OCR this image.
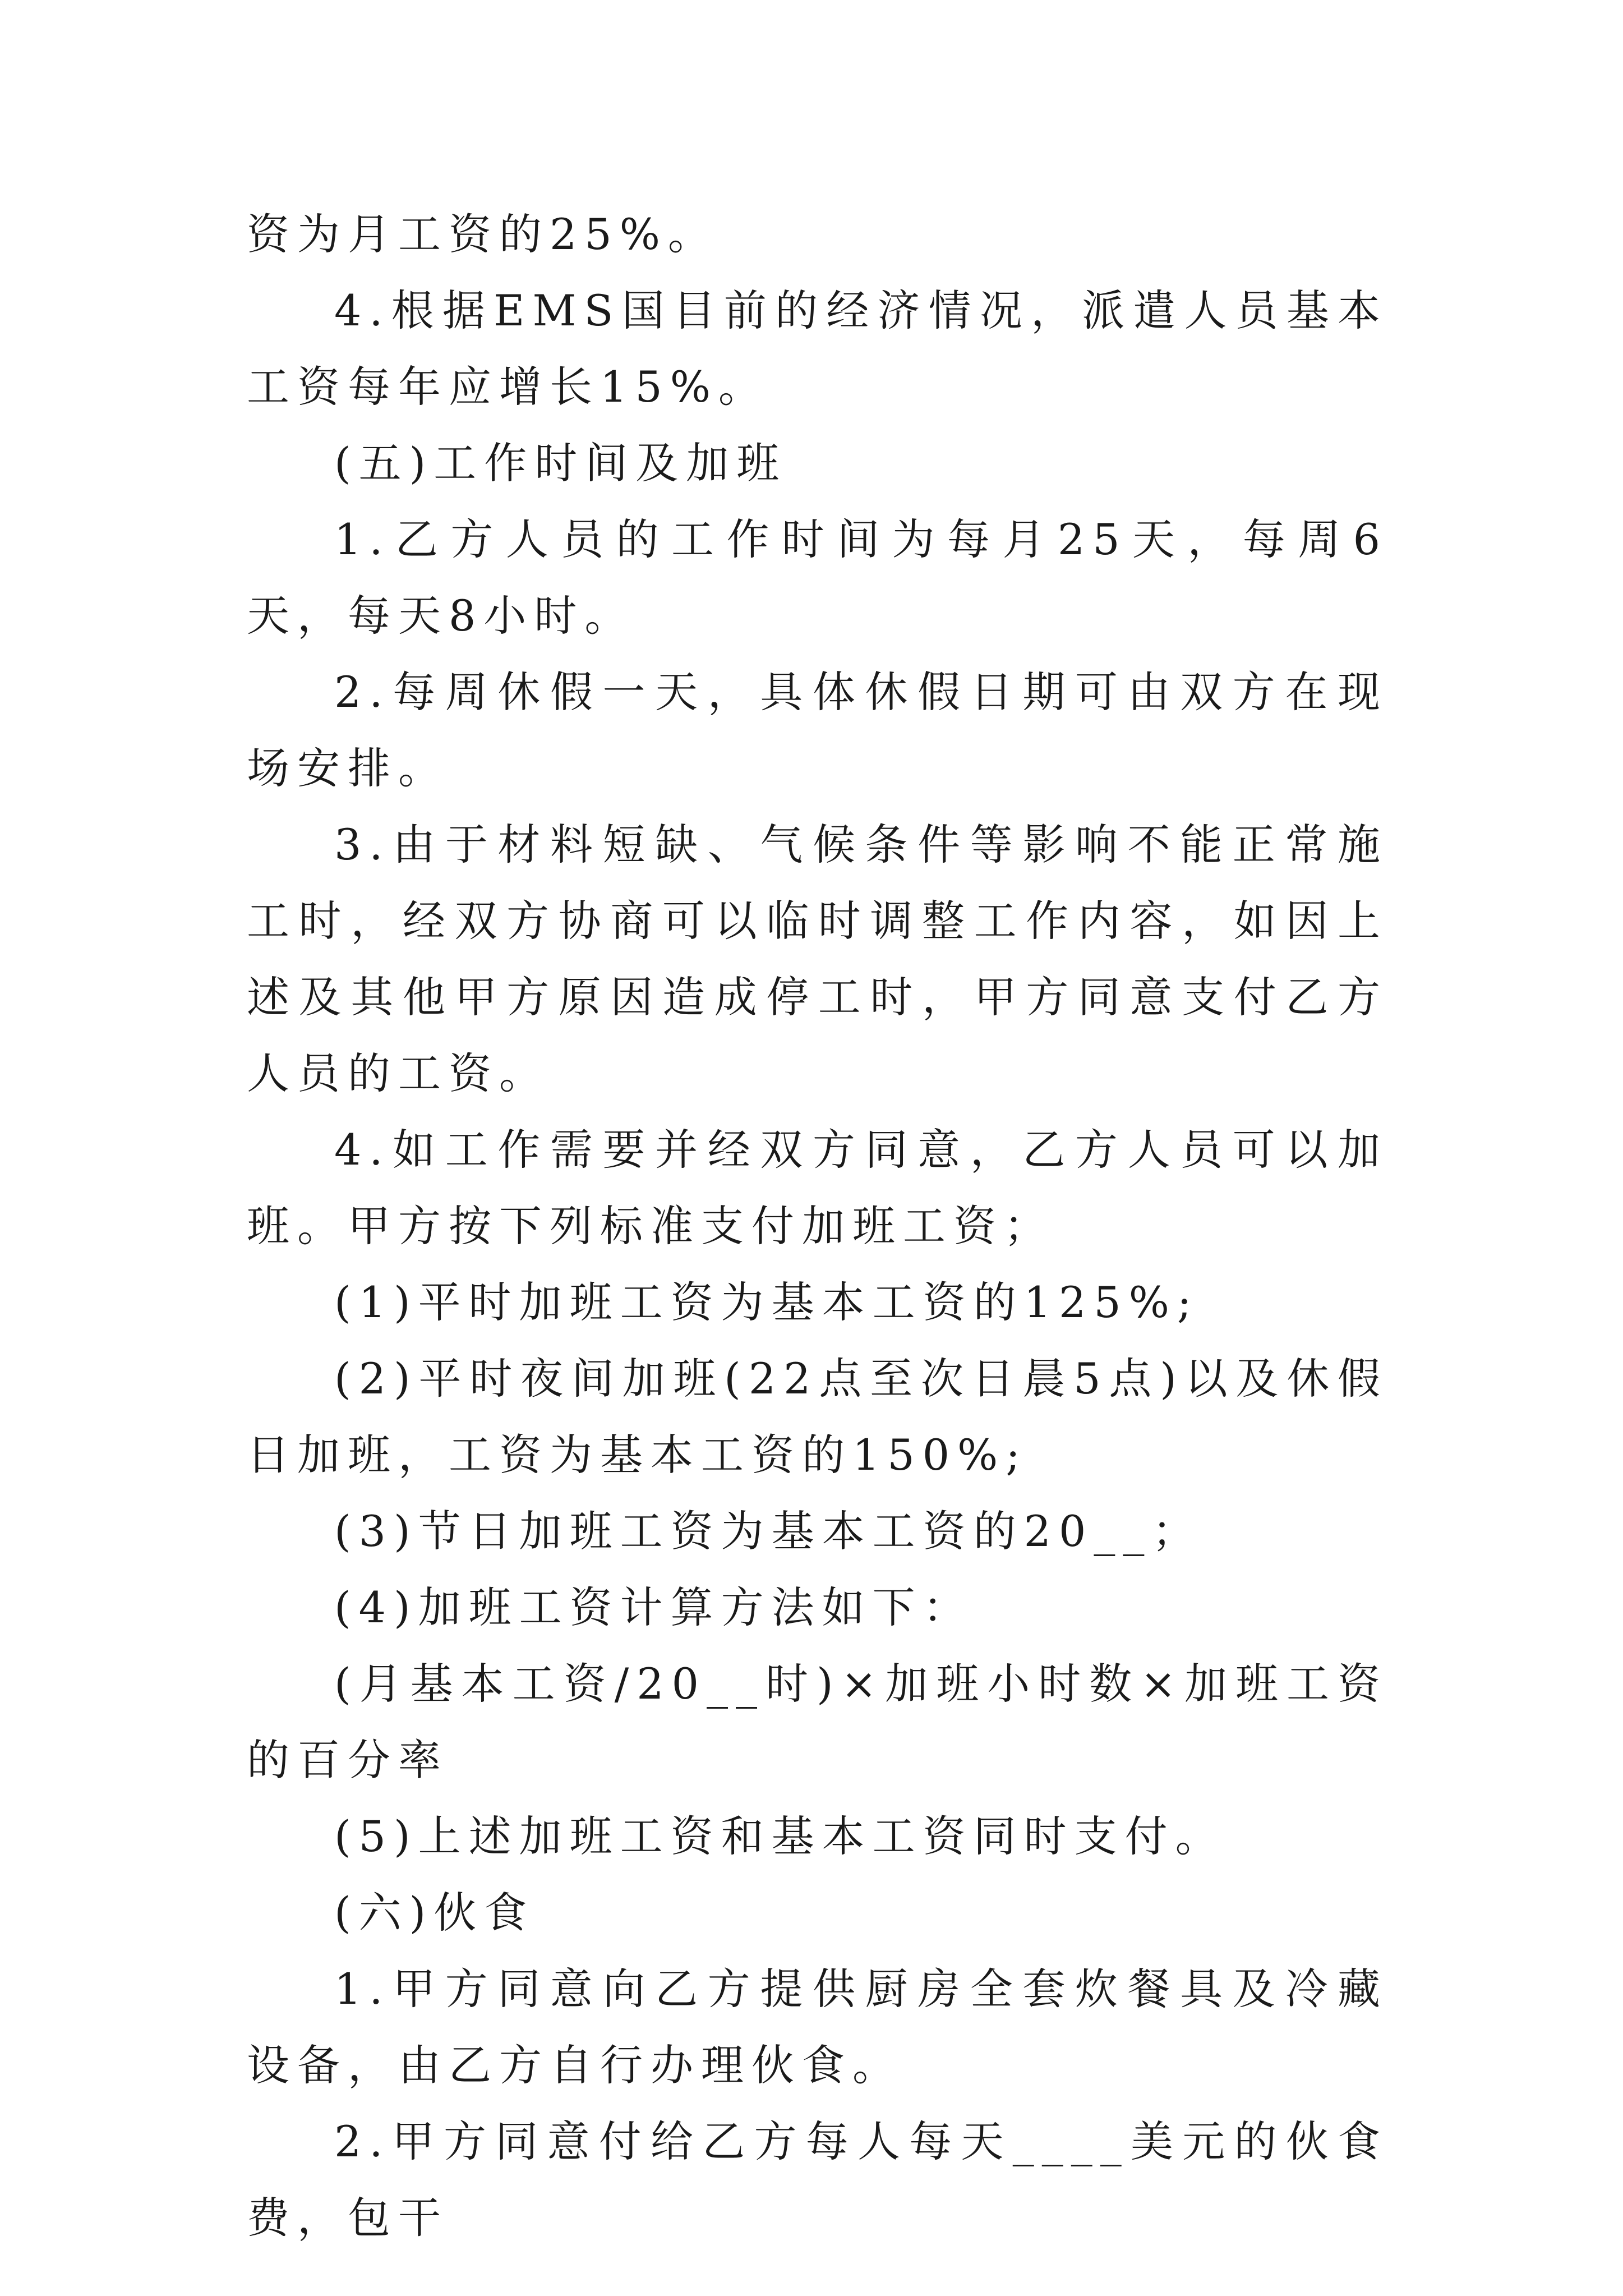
资为月工资的25%。

4.根据EMS国目前的经济情况，派遣人员基本工资每年应增长15%。

(五)工作时间及加班

1.乙方人员的工作时间为每月25天，每周6天，每天8小时。

2.每周休假一天，具体休假日期可由双方在现场安排。

3.由于材料短缺、气候条件等影响不能正常施工时，经双方协商可以临时调整工作内容，如因上述及其他甲方原因造成停工时，甲方同意支付乙方人员的工资。

4.如工作需要并经双方同意，乙方人员可以加班。甲方按下列标准支付加班工资；

(1)平时加班工资为基本工资的125%;

(2)平时夜间加班(22点至次日晨5点)以及休假日加班，工资为基本工资的150%;

(3)节日加班工资为基本工资的20__；

(4)加班工资计算方法如下：

(月基本工资/20__时)×加班小时数×加班工资的百分率

(5)上述加班工资和基本工资同时支付。

(六)伙食

1.甲方同意向乙方提供厨房全套炊餐具及冷藏设备，由乙方自行办理伙食。

2.甲方同意付给乙方每人每天____美元的伙食费，包干
